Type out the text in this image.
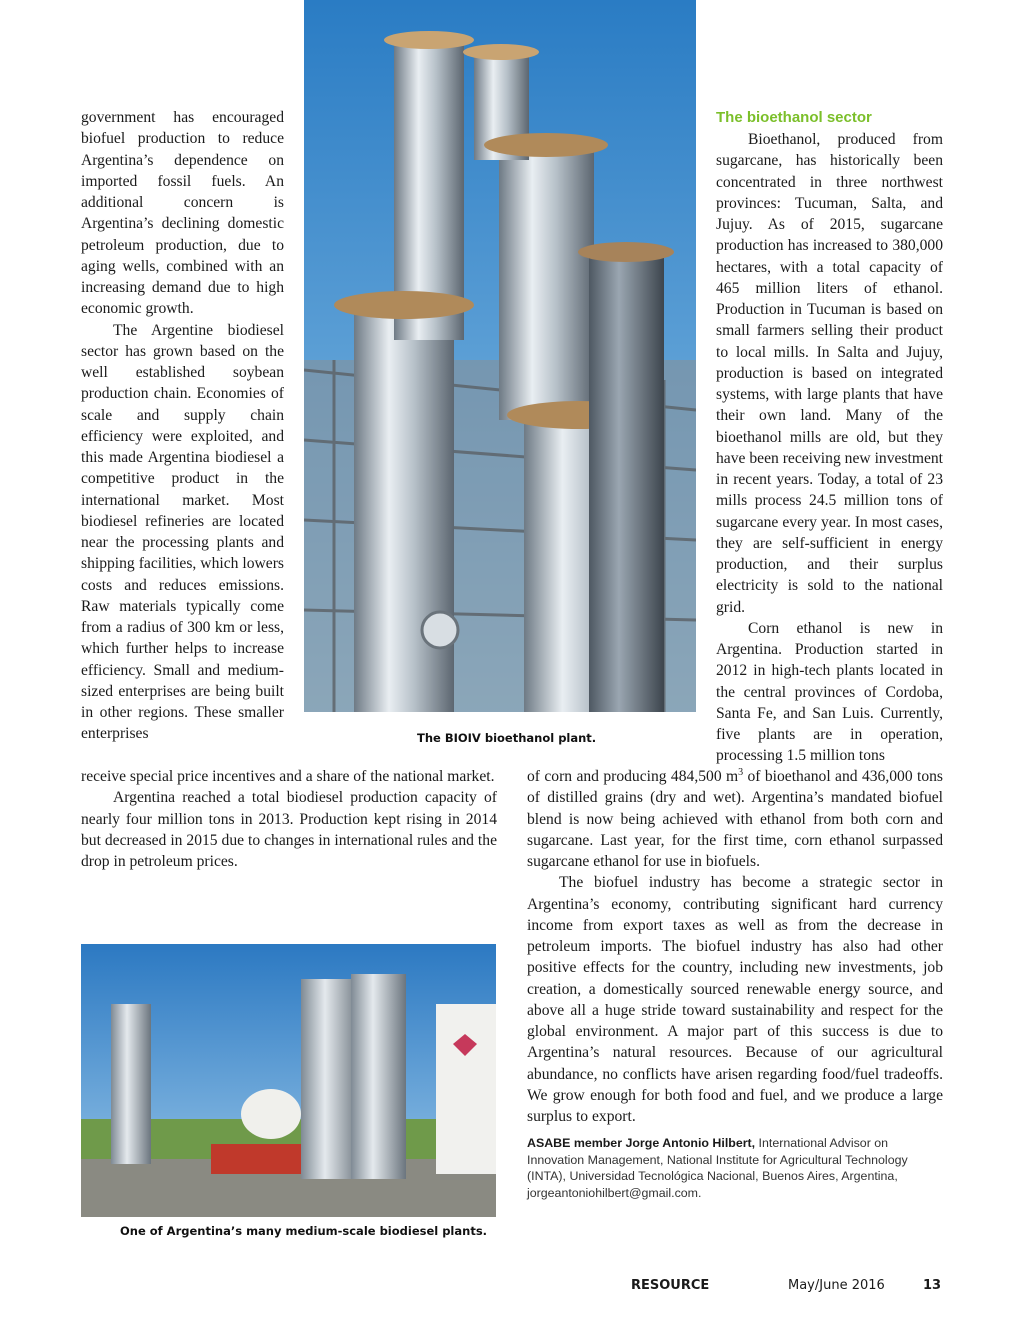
government has encouraged biofuel production to reduce Argentina’s dependence on imported fossil fuels. An additional concern is Argentina’s declining domestic petroleum production, due to aging wells, combined with an increasing demand due to high economic growth.

The Argentine biodiesel sector has grown based on the well established soybean production chain. Economies of scale and supply chain efficiency were exploited, and this made Argentina biodiesel a competitive product in the international market. Most biodiesel refineries are located near the processing plants and shipping facilities, which lowers costs and reduces emissions. Raw materials typically come from a radius of 300 km or less, which further helps to increase efficiency. Small and medium-sized enterprises are being built in other regions. These smaller enterprises

receive special price incentives and a share of the national market.

Argentina reached a total biodiesel production capacity of nearly four million tons in 2013. Production kept rising in 2014 but decreased in 2015 due to changes in international rules and the drop in petroleum prices.

The BIOIV bioethanol plant.
The bioethanol sector

Bioethanol, produced from sugarcane, has historically been concentrated in three northwest provinces: Tucuman, Salta, and Jujuy. As of 2015, sugarcane production has increased to 380,000 hectares, with a total capacity of 465 million liters of ethanol. Production in Tucuman is based on small farmers selling their product to local mills. In Salta and Jujuy, production is based on integrated systems, with large plants that have their own land. Many of the bioethanol mills are old, but they have been receiving new investment in recent years. Today, a total of 23 mills process 24.5 million tons of sugarcane every year. In most cases, they are self-sufficient in energy production, and their surplus electricity is sold to the national grid.

Corn ethanol is new in Argentina. Production started in 2012 in high-tech plants located in the central provinces of Cordoba, Santa Fe, and San Luis. Currently, five plants are in operation, processing 1.5 million tons

of corn and producing 484,500 $m^3$ of bioethanol and 436,000 tons of distilled grains (dry and wet). Argentina’s mandated biofuel blend is now being achieved with ethanol from both corn and sugarcane. Last year, for the first time, corn ethanol surpassed sugarcane ethanol for use in biofuels.

The biofuel industry has become a strategic sector in Argentina’s economy, contributing significant hard currency income from export taxes as well as from the decrease in petroleum imports. The biofuel industry has also had other positive effects for the country, including new investments, job creation, a domestically sourced renewable energy source, and above all a huge stride toward sustainability and respect for the global environment. A major part of this success is due to Argentina’s natural resources. Because of our agricultural abundance, no conflicts have arisen regarding food/fuel tradeoffs. We grow enough for both food and fuel, and we produce a large surplus to export.

ASABE member Jorge Antonio Hilbert, International Advisor on Innovation Management, National Institute for Agricultural Technology (INTA), Universidad Tecnológica Nacional, Buenos Aires, Argentina, jorgeantoniohilbert@gmail.com.
One of Argentina’s many medium-scale biodiesel plants.
RESOURCE	May/June 2016	13
